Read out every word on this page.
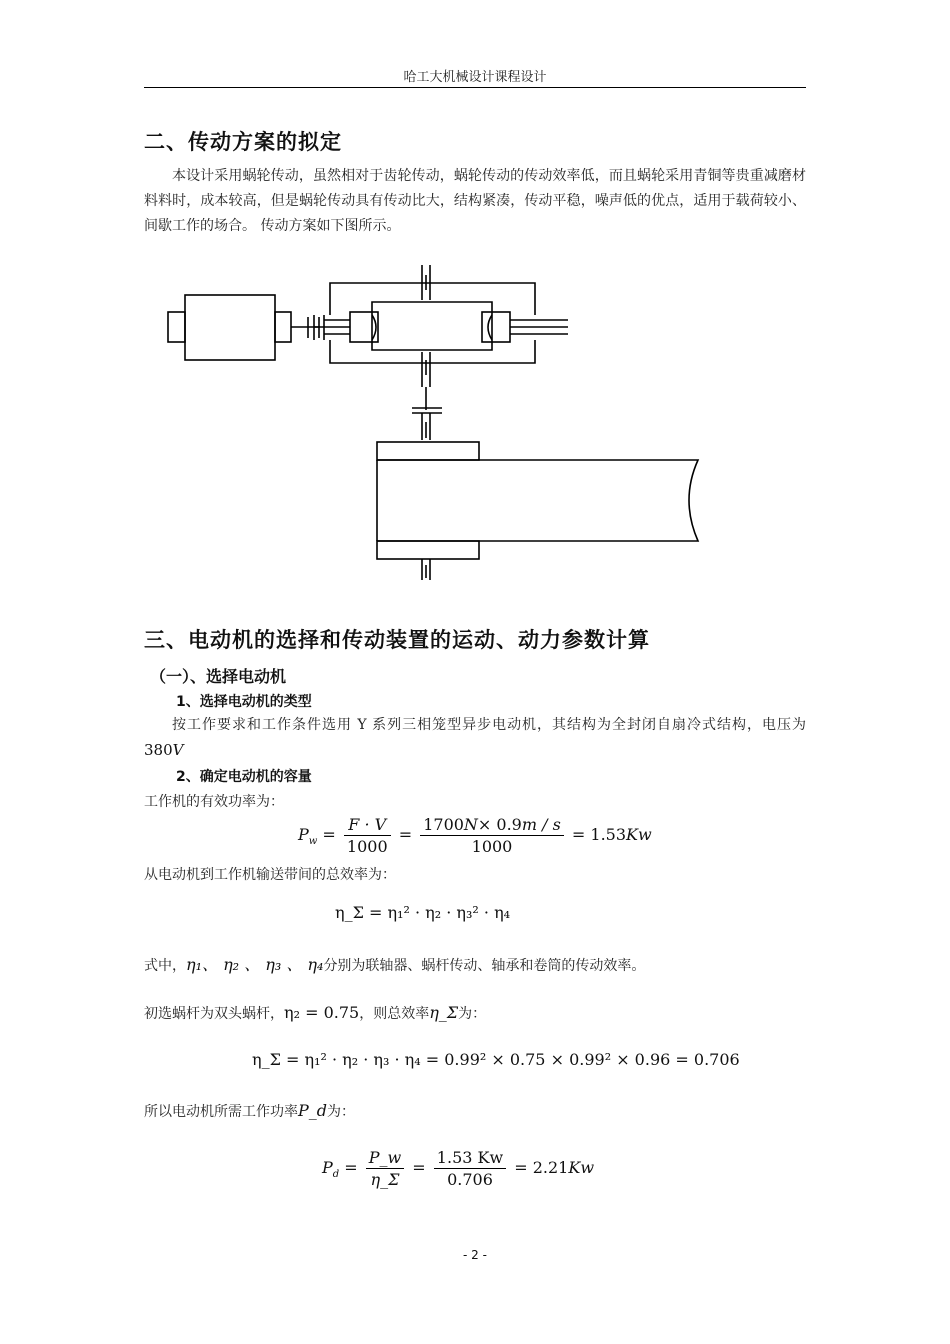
哈工大机械设计课程设计
二、传动方案的拟定
本设计采用蜗轮传动，虽然相对于齿轮传动，蜗轮传动的传动效率低，而且蜗轮采用青铜等贵重减磨材料料时，成本较高，但是蜗轮传动具有传动比大，结构紧凑，传动平稳，噪声低的优点，适用于载荷较小、间歇工作的场合。 传动方案如下图所示。
三、电动机的选择和传动装置的运动、动力参数计算
（一）、选择电动机
1、选择电动机的类型
按工作要求和工作条件选用 Y 系列三相笼型异步电动机，其结构为全封闭自扇冷式结构，电压为 380V
2、确定电动机的容量
工作机的有效功率为：
$P_w = \frac{F \cdot V}{1000} = \frac{1700N\times 0.9m / s}{1000} = 1.53Kw$
从电动机到工作机输送带间的总效率为：
η_Σ = η₁² · η₂ · η₃² · η₄
式中，η₁、 η₂ 、 η₃ 、 η₄分别为联轴器、蜗杆传动、轴承和卷筒的传动效率。
初选蜗杆为双头蜗杆，η₂ = 0.75，则总效率η_Σ为：
η_Σ = η₁² · η₂ · η₃ · η₄ = 0.99² × 0.75 × 0.99² × 0.96 = 0.706
所以电动机所需工作功率P_d为：
$P_d = \frac{P\_w}{\eta\_\Sigma} = \frac{1.53 Kw}{0.706} = 2.21Kw$
- 2 -
